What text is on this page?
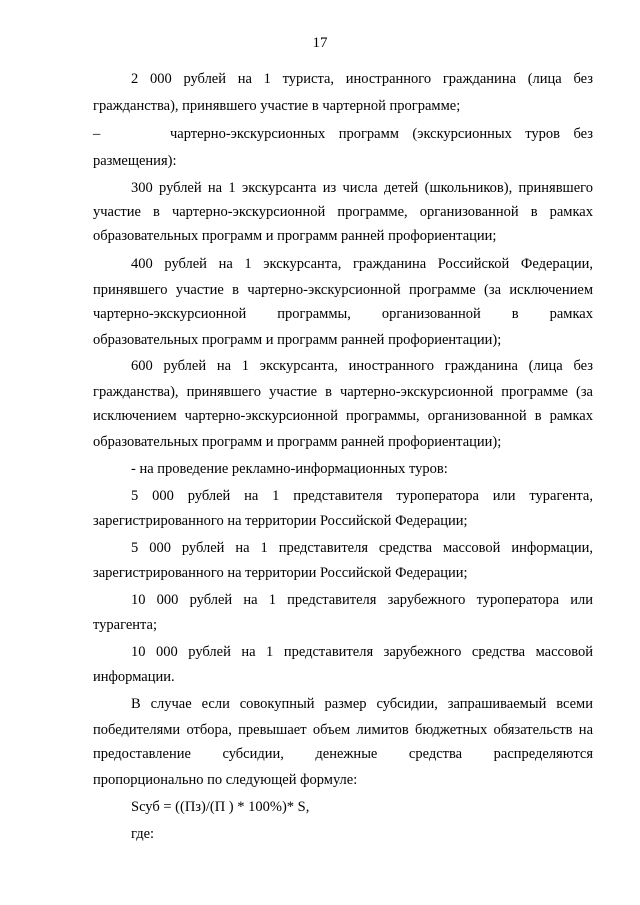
17
2 000 рублей на 1 туриста, иностранного гражданина (лица без
гражданства), принявшего участие в чартерной программе;
–	чартерно-экскурсионных программ (экскурсионных туров без
размещения):
300 рублей на 1 экскурсанта из числа детей (школьников), принявшего
участие в чартерно-экскурсионной программе, организованной в рамках
образовательных программ и программ ранней профориентации;
400 рублей на 1 экскурсанта, гражданина Российской Федерации,
принявшего участие в чартерно-экскурсионной программе (за исключением
чартерно-экскурсионной программы, организованной в рамках
образовательных программ и программ ранней профориентации);
600 рублей на 1 экскурсанта, иностранного гражданина (лица без
гражданства), принявшего участие в чартерно-экскурсионной программе (за
исключением чартерно-экскурсионной программы, организованной в рамках
образовательных программ и программ ранней профориентации);
- на проведение рекламно-информационных туров:
5 000 рублей на 1 представителя туроператора или турагента,
зарегистрированного на территории Российской Федерации;
5 000 рублей на 1 представителя средства массовой информации,
зарегистрированного на территории Российской Федерации;
10 000 рублей на 1 представителя зарубежного туроператора или
турагента;
10 000 рублей на 1 представителя зарубежного средства массовой
информации.
В случае если совокупный размер субсидии, запрашиваемый всеми
победителями отбора, превышает объем лимитов бюджетных обязательств на
предоставление субсидии, денежные средства распределяются
пропорционально по следующей формуле:
Sсуб = ((Пз)/(П ) * 100%)* S,
где:
